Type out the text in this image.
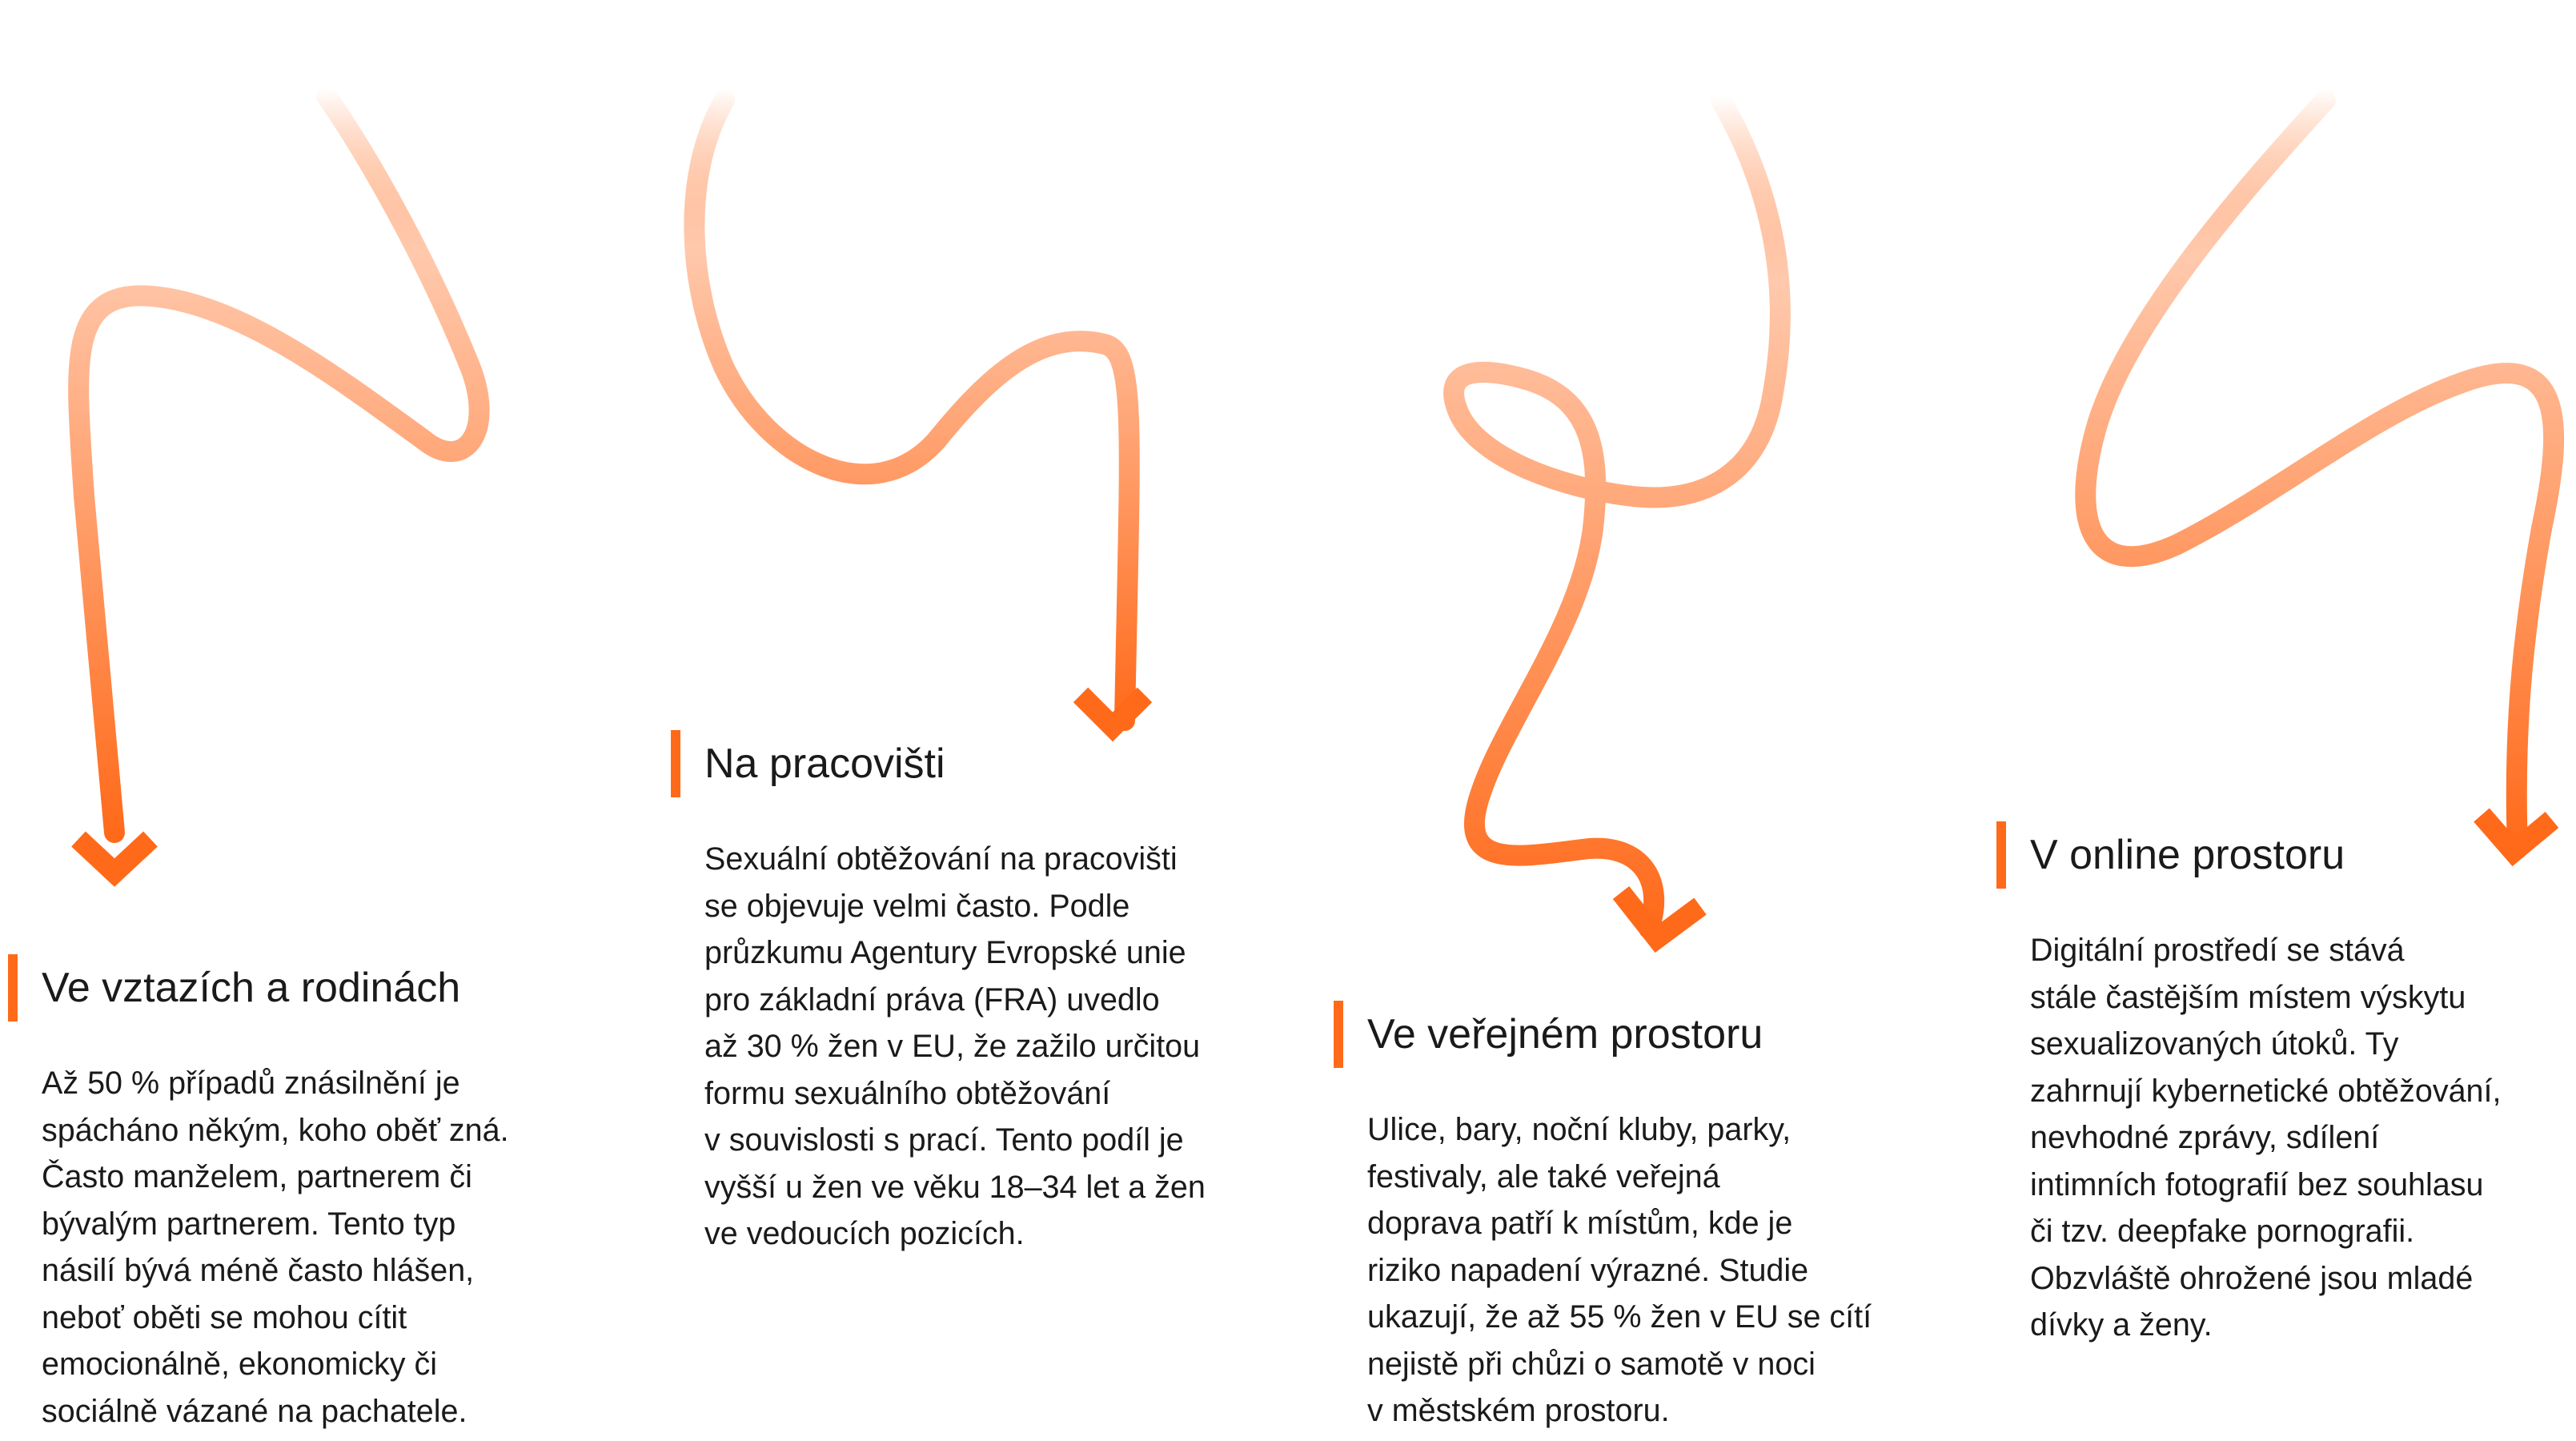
Ve vztazích a rodinách

Až 50 % případů znásilnění je
spácháno někým, koho oběť zná.
Často manželem, partnerem či
bývalým partnerem. Tento typ
násilí bývá méně často hlášen,
neboť oběti se mohou cítit
emocionálně, ekonomicky či
sociálně vázané na pachatele.

Na pracovišti

Sexuální obtěžování na pracovišti
se objevuje velmi často. Podle
průzkumu Agentury Evropské unie
pro základní práva (FRA) uvedlo
až 30 % žen v EU, že zažilo určitou
formu sexuálního obtěžování
v souvislosti s prací. Tento podíl je
vyšší u žen ve věku 18–34 let a žen
ve vedoucích pozicích.

Ve veřejném prostoru

Ulice, bary, noční kluby, parky,
festivaly, ale také veřejná
doprava patří k místům, kde je
riziko napadení výrazné. Studie
ukazují, že až 55 % žen v EU se cítí
nejistě při chůzi o samotě v noci
v městském prostoru.

V online prostoru

Digitální prostředí se stává
stále častějším místem výskytu
sexualizovaných útoků. Ty
zahrnují kybernetické obtěžování,
nevhodné zprávy, sdílení
intimních fotografií bez souhlasu
či tzv. deepfake pornografii.
Obzvláště ohrožené jsou mladé
dívky a ženy.
